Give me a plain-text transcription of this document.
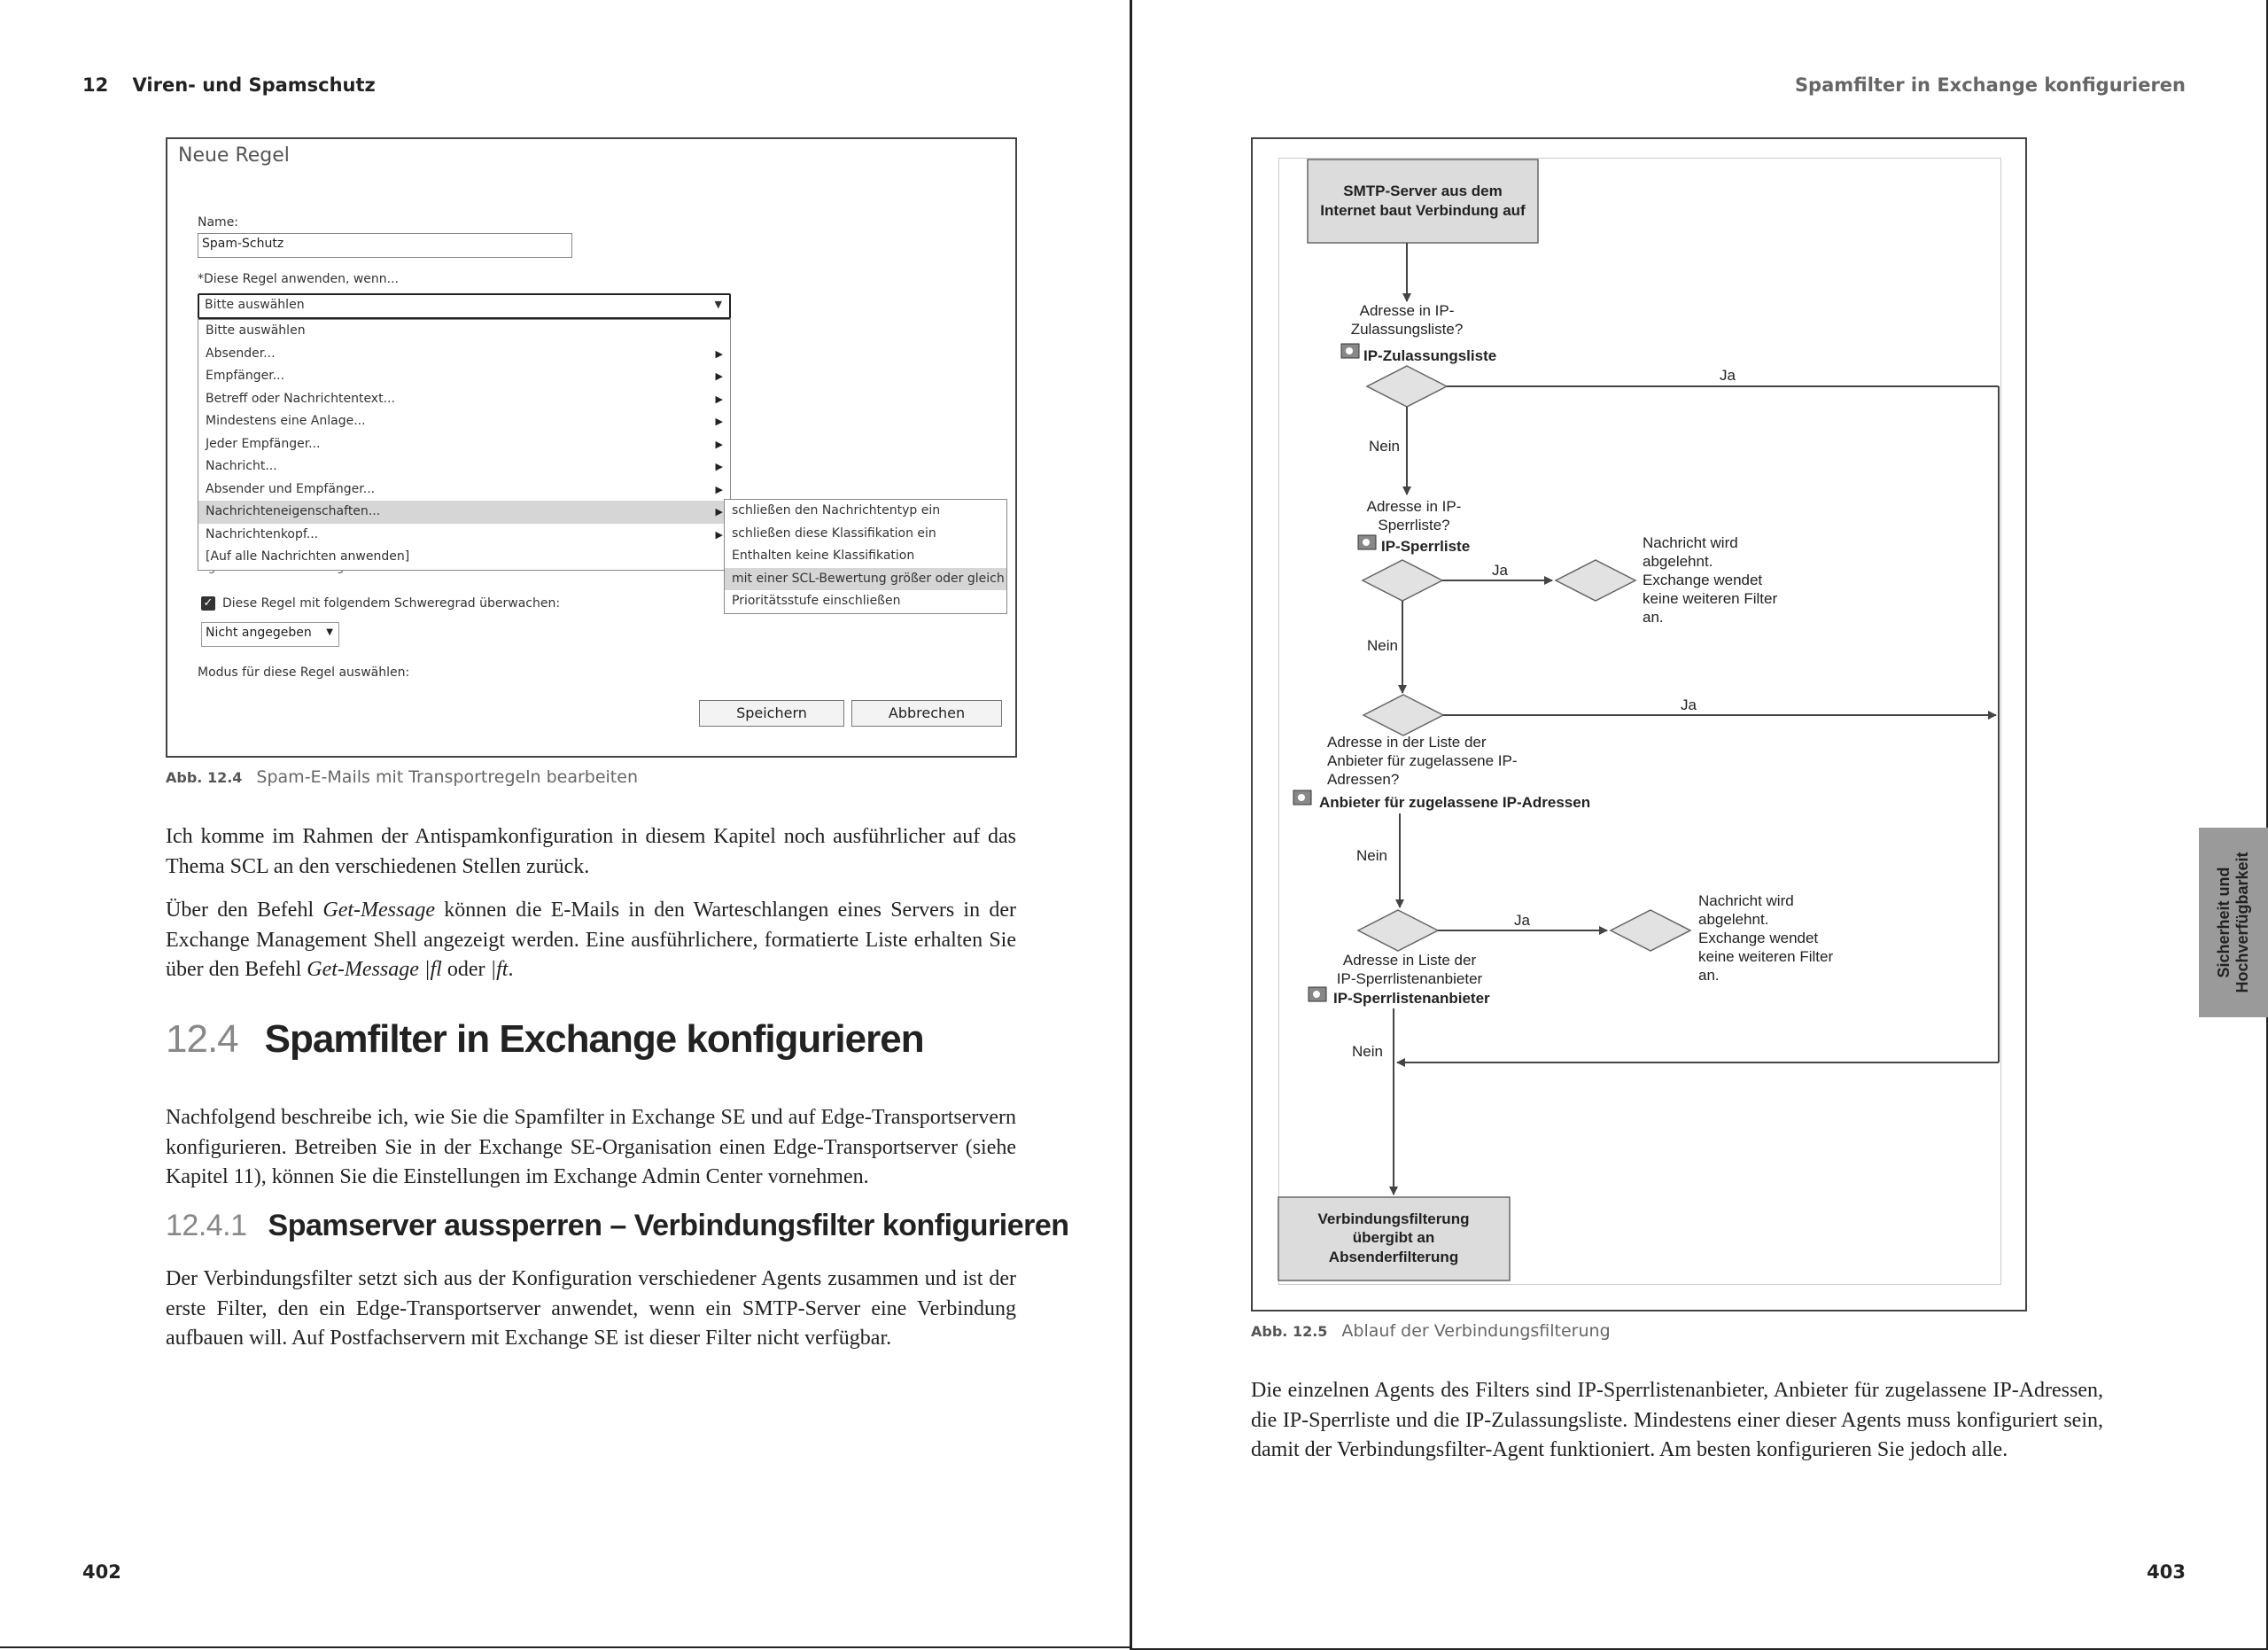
12 Viren- und Spamschutz
Neue Regel
Name:
Spam-Schutz
*Diese Regel anwenden, wenn...
Bitte auswählen	▼
Bitte auswählen
Absender...	▶
Empfänger...	▶
Betreff oder Nachrichtentext...	▶
Mindestens eine Anlage...	▶
Jeder Empfänger...	▶
Nachricht...	▶
Absender und Empfänger...	▶
Nachrichteneigenschaften...	▶
Nachrichtenkopf...	▶
[Auf alle Nachrichten anwenden]
schließen den Nachrichtentyp ein
schließen diese Klassifikation ein
Enthalten keine Klassifikation
mit einer SCL-Bewertung größer oder gleich
Prioritätsstufe einschließen
✓ Diese Regel mit folgendem Schweregrad überwachen:
Nicht angegeben ▼
Modus für diese Regel auswählen:
Speichern	Abbrechen
Abb. 12.4 Spam-E-Mails mit Transportregeln bearbeiten

Ich komme im Rahmen der Antispamkonfiguration in diesem Kapitel noch ausführlicher auf das Thema SCL an den verschiedenen Stellen zurück.

Über den Befehl Get-Message können die E-Mails in den Warteschlangen eines Servers in der Exchange Management Shell angezeigt werden. Eine ausführlichere, formatierte Liste erhalten Sie über den Befehl Get-Message |fl oder |ft.

12.4 Spamfilter in Exchange konfigurieren

Nachfolgend beschreibe ich, wie Sie die Spamfilter in Exchange SE und auf Edge-Transportservern konfigurieren. Betreiben Sie in der Exchange SE-Organisation einen Edge-Transportserver (siehe Kapitel 11), können Sie die Einstellungen im Exchange Admin Center vornehmen.

12.4.1 Spamserver aussperren – Verbindungsfilter konfigurieren

Der Verbindungsfilter setzt sich aus der Konfiguration verschiedener Agents zusammen und ist der erste Filter, den ein Edge-Transportserver anwendet, wenn ein SMTP-Server eine Verbindung aufbauen will. Auf Postfachservern mit Exchange SE ist dieser Filter nicht verfügbar.

402
Spamfilter in Exchange konfigurieren
SMTP-Server aus dem
Internet baut Verbindung auf
Adresse in IP-
Zulassungsliste?
IP-Zulassungsliste
Ja
Nein
Adresse in IP-
Sperrliste?
IP-Sperrliste
Ja
Nachricht wird
abgelehnt.
Exchange wendet
keine weiteren Filter
an.
Nein
Ja
Adresse in der Liste der
Anbieter für zugelassene IP-
Adressen?
Anbieter für zugelassene IP-Adressen
Nein
Ja
Nachricht wird
abgelehnt.
Exchange wendet
keine weiteren Filter
an.
Adresse in Liste der
IP-Sperrlistenanbieter
IP-Sperrlistenanbieter
Nein
Verbindungsfilterung
übergibt an
Absenderfilterung
Abb. 12.5 Ablauf der Verbindungsfilterung

Die einzelnen Agents des Filters sind IP-Sperrlistenanbieter, Anbieter für zugelassene IP-Adressen, die IP-Sperrliste und die IP-Zulassungsliste. Mindestens einer dieser Agents muss konfiguriert sein, damit der Verbindungsfilter-Agent funktioniert. Am besten konfigurieren Sie jedoch alle.

Sicherheit und Hochverfügbarkeit
403
